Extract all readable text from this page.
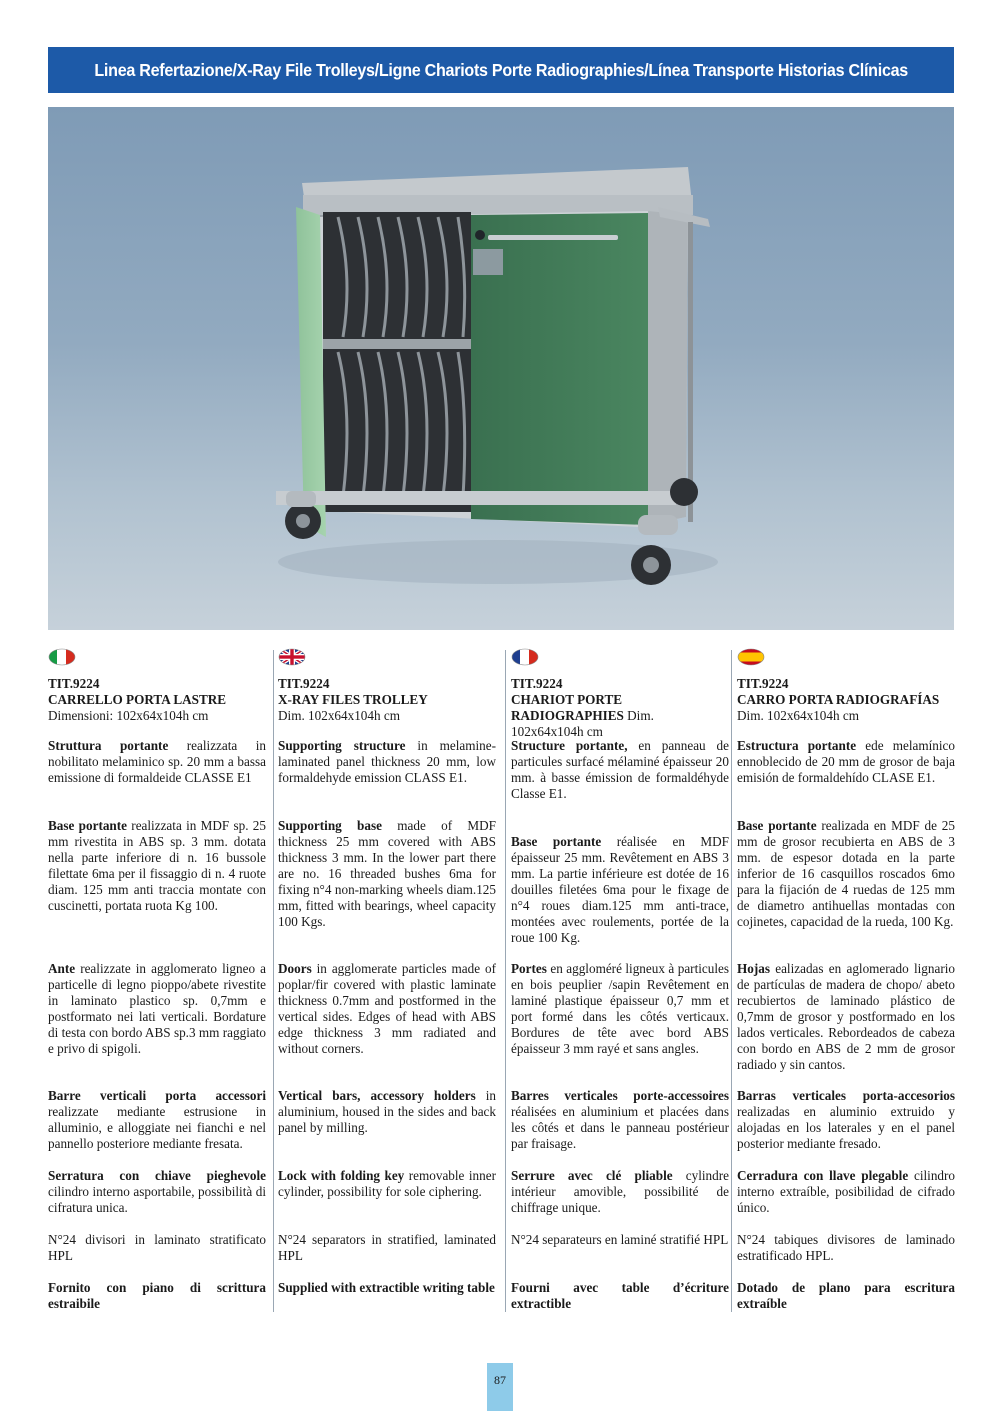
Linea Refertazione/X-Ray File Trolleys/Ligne Chariots Porte Radiographies/Línea Transporte Historias Clínicas
TIT.9224
CARRELLO PORTA LASTRE
Dimensioni: 102x64x104h cm

Struttura portante realizzata in nobilitato melaminico sp. 20 mm a bassa emissione di formaldeide CLASSE E1

Base portante realizzata in MDF sp. 25 mm rivestita in ABS sp. 3 mm. dotata nella parte inferiore di n. 16 bussole filettate 6ma per il fissaggio di n. 4 ruote diam. 125 mm anti traccia montate con cuscinetti, portata ruota Kg 100.

Ante realizzate in agglomerato ligneo a particelle di legno pioppo/abete rivestite in laminato plastico sp. 0,7mm e postformato nei lati verticali. Bordature di testa con bordo ABS sp.3 mm raggiato e privo di spigoli.

Barre verticali porta accessori realizzate mediante estrusione in alluminio, e alloggiate nei fianchi e nel pannello posteriore mediante fresata.

Serratura con chiave pieghevole cilindro interno asportabile, possibilità di cifratura unica.

N°24 divisori in laminato stratificato HPL

Fornito con piano di scrittura estraibile

TIT.9224
X-RAY FILES TROLLEY
Dim. 102x64x104h cm

Supporting structure in melamine-laminated panel thickness 20 mm, low formaldehyde emission CLASS E1.

Supporting base made of MDF thickness 25 mm covered with ABS thickness 3 mm. In the lower part there are no. 16 threaded bushes 6ma for fixing n°4 non-marking wheels diam.125 mm, fitted with bearings, wheel capacity 100 Kgs.

Doors in agglomerate particles made of poplar/fir covered with plastic laminate thickness 0.7mm and postformed in the vertical sides. Edges of head with ABS edge thickness 3 mm radiated and without corners.

Vertical bars, accessory holders in aluminium, housed in the sides and back panel by milling.

Lock with folding key removable inner cylinder, possibility for sole ciphering.

N°24 separators in stratified, laminated HPL

Supplied with extractible writing table

TIT.9224
CHARIOT PORTE RADIOGRAPHIES Dim. 102x64x104h cm

Structure portante, en panneau de particules surfacé mélaminé épaisseur 20 mm. à basse émission de formaldéhyde Classe E1.

Base portante réalisée en MDF épaisseur 25 mm. Revêtement en ABS 3 mm. La partie inférieure est dotée de 16 douilles filetées 6ma pour le fixage de n°4 roues diam.125 mm anti-trace, montées avec roulements, portée de la roue 100 Kg.

Portes en aggloméré ligneux à particules en bois peuplier /sapin Revêtement en laminé plastique épaisseur 0,7 mm et port formé dans les côtés verticaux. Bordures de tête avec bord ABS épaisseur 3 mm rayé et sans angles.

Barres verticales porte-accessoires réalisées en aluminium et placées dans les côtés et dans le panneau postérieur par fraisage.

Serrure avec clé pliable cylindre intérieur amovible, possibilité de chiffrage unique.

N°24 separateurs en laminé stratifié HPL

Fourni avec table d’écriture extractible

TIT.9224
CARRO PORTA RADIOGRAFÍAS
Dim. 102x64x104h cm

Estructura portante ede melamínico ennoblecido de 20 mm de grosor de baja emisión de formaldehído CLASE E1.

Base portante realizada en MDF de 25 mm de grosor recubierta en ABS de 3 mm. de espesor dotada en la parte inferior de 16 casquillos roscados 6mo para la fijación de 4 ruedas de 125 mm de diametro antihuellas montadas con cojinetes, capacidad de la rueda, 100 Kg.

Hojas ealizadas en aglomerado lignario de partículas de madera de chopo/ abeto recubiertos de laminado plástico de 0,7mm de grosor y postformado en los lados verticales. Rebordeados de cabeza con bordo en ABS de 2 mm de grosor radiado y sin cantos.

Barras verticales porta-accesorios realizadas en aluminio extruido y alojadas en los laterales y en el panel posterior mediante fresado.

Cerradura con llave plegable cilindro interno extraíble, posibilidad de cifrado único.

N°24 tabiques divisores de laminado estratificado HPL.

Dotado de plano para escritura extraíble

87
